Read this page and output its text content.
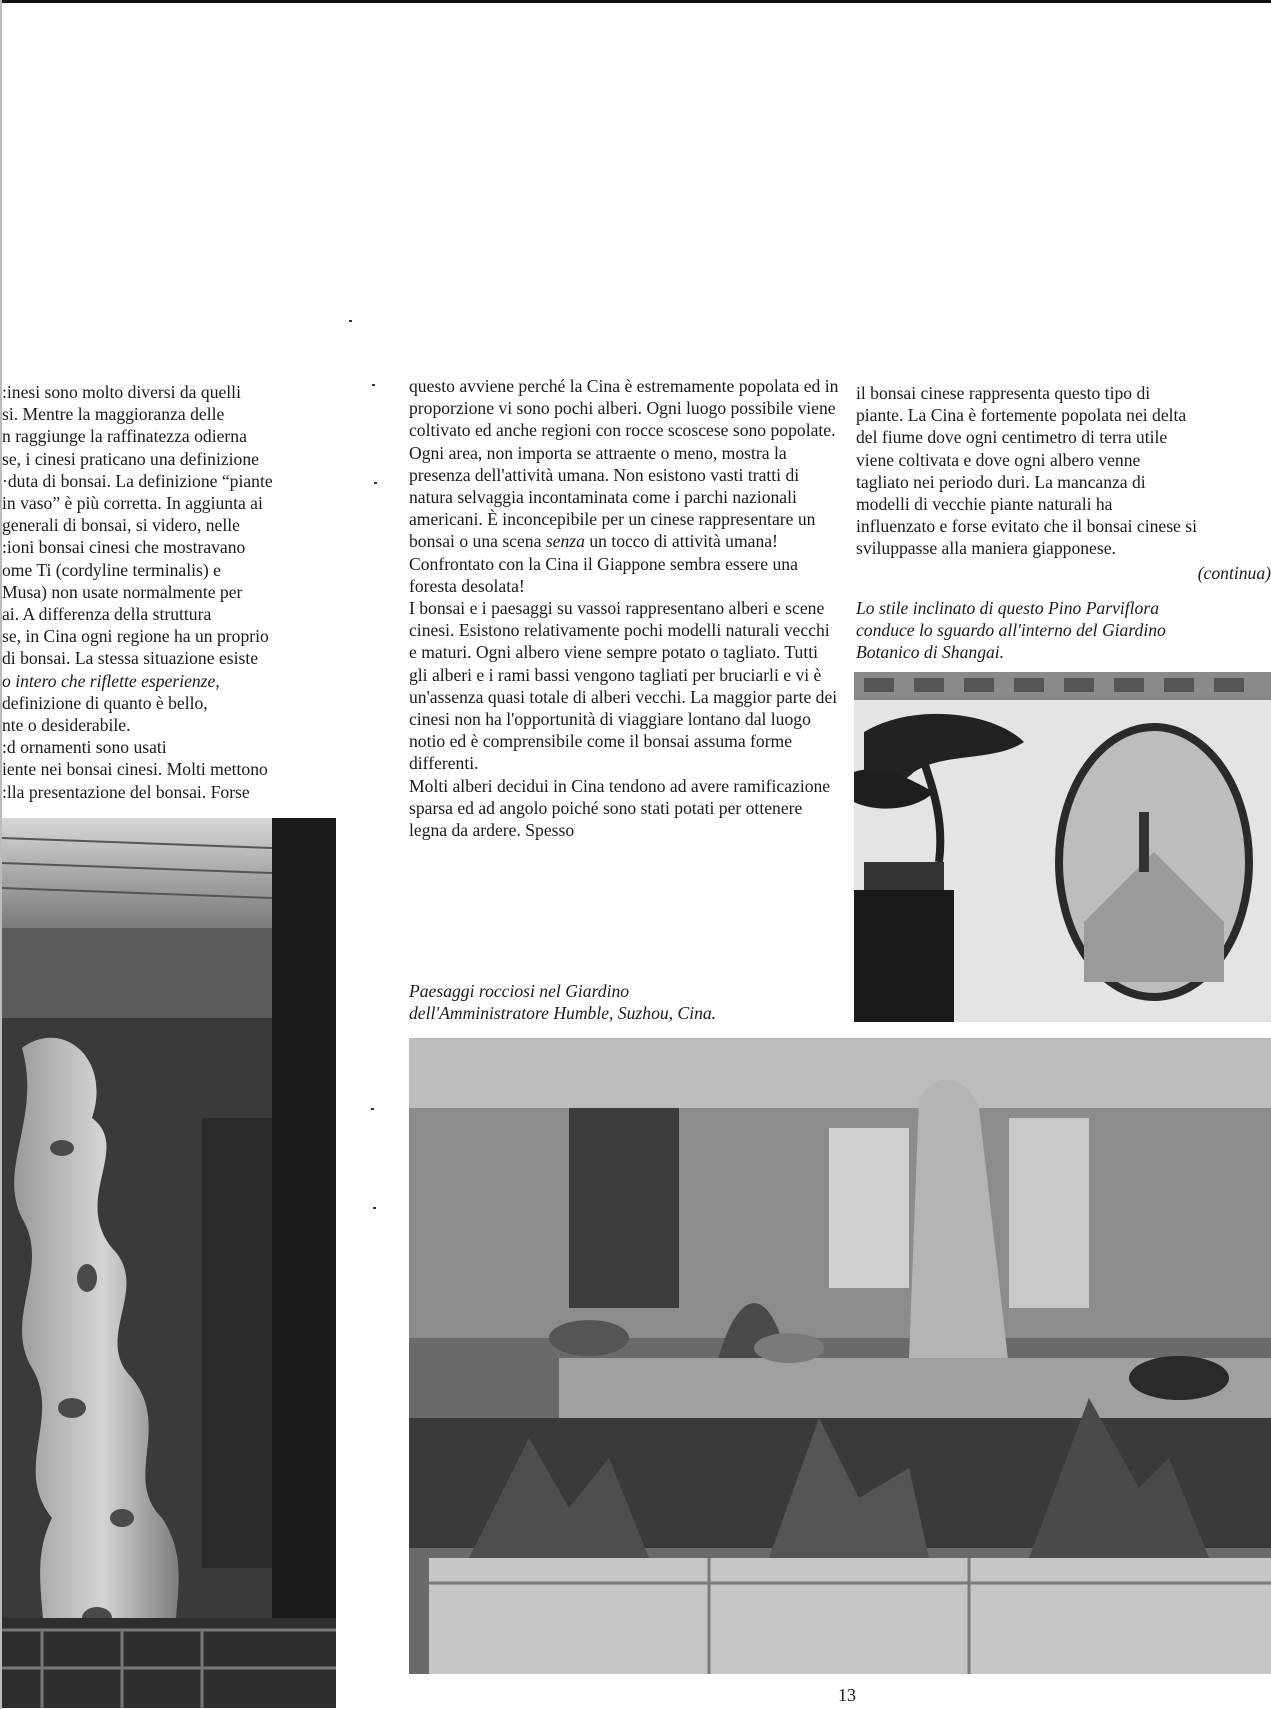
:inesi sono molto diversi da quelli

si. Mentre la maggioranza delle

n raggiunge la raffinatezza odierna

se, i cinesi praticano una definizione

·duta di bonsai. La definizione “piante

in vaso” è più corretta. In aggiunta ai

generali di bonsai, si videro, nelle

:ioni bonsai cinesi che mostravano

ome Ti (cordyline terminalis) e

Musa) non usate normalmente per

ai. A differenza della struttura

se, in Cina ogni regione ha un proprio

di bonsai. La stessa situazione esiste

o intero che riflette esperienze,

definizione di quanto è bello,

nte o desiderabile.

:d ornamenti sono usati

iente nei bonsai cinesi. Molti mettono

:lla presentazione del bonsai. Forse

questo avviene perché la Cina è estremamente popolata ed in proporzione vi sono pochi alberi. Ogni luogo possibile viene coltivato ed anche regioni con rocce scoscese sono popolate. Ogni area, non importa se attraente o meno, mostra la presenza dell'attività umana. Non esistono vasti tratti di natura selvaggia incontaminata come i parchi nazionali americani. È inconcepibile per un cinese rappresentare un bonsai o una scena senza un tocco di attività umana! Confrontato con la Cina il Giappone sembra essere una foresta desolata!

I bonsai e i paesaggi su vassoi rappresentano alberi e scene cinesi. Esistono relativamente pochi modelli naturali vecchi e maturi. Ogni albero viene sempre potato o tagliato. Tutti gli alberi e i rami bassi vengono tagliati per bruciarli e vi è un'assenza quasi totale di alberi vecchi. La maggior parte dei cinesi non ha l'opportunità di viaggiare lontano dal luogo notio ed è comprensibile come il bonsai assuma forme differenti.

Molti alberi decidui in Cina tendono ad avere ramificazione sparsa ed ad angolo poiché sono stati potati per ottenere legna da ardere. Spesso

Paesaggi rocciosi nel Giardino
dell'Amministratore Humble, Suzhou, Cina.

il bonsai cinese rappresenta questo tipo di

piante. La Cina è fortemente popolata nei delta

del fiume dove ogni centimetro di terra utile

viene coltivata e dove ogni albero venne

tagliato nei periodo duri. La mancanza di

modelli di vecchie piante naturali ha

influenzato e forse evitato che il bonsai cinese si

sviluppasse alla maniera giapponese.

(continua)

Lo stile inclinato di questo Pino Parviflora
conduce lo sguardo all'interno del Giardino
Botanico di Shangai.
13
